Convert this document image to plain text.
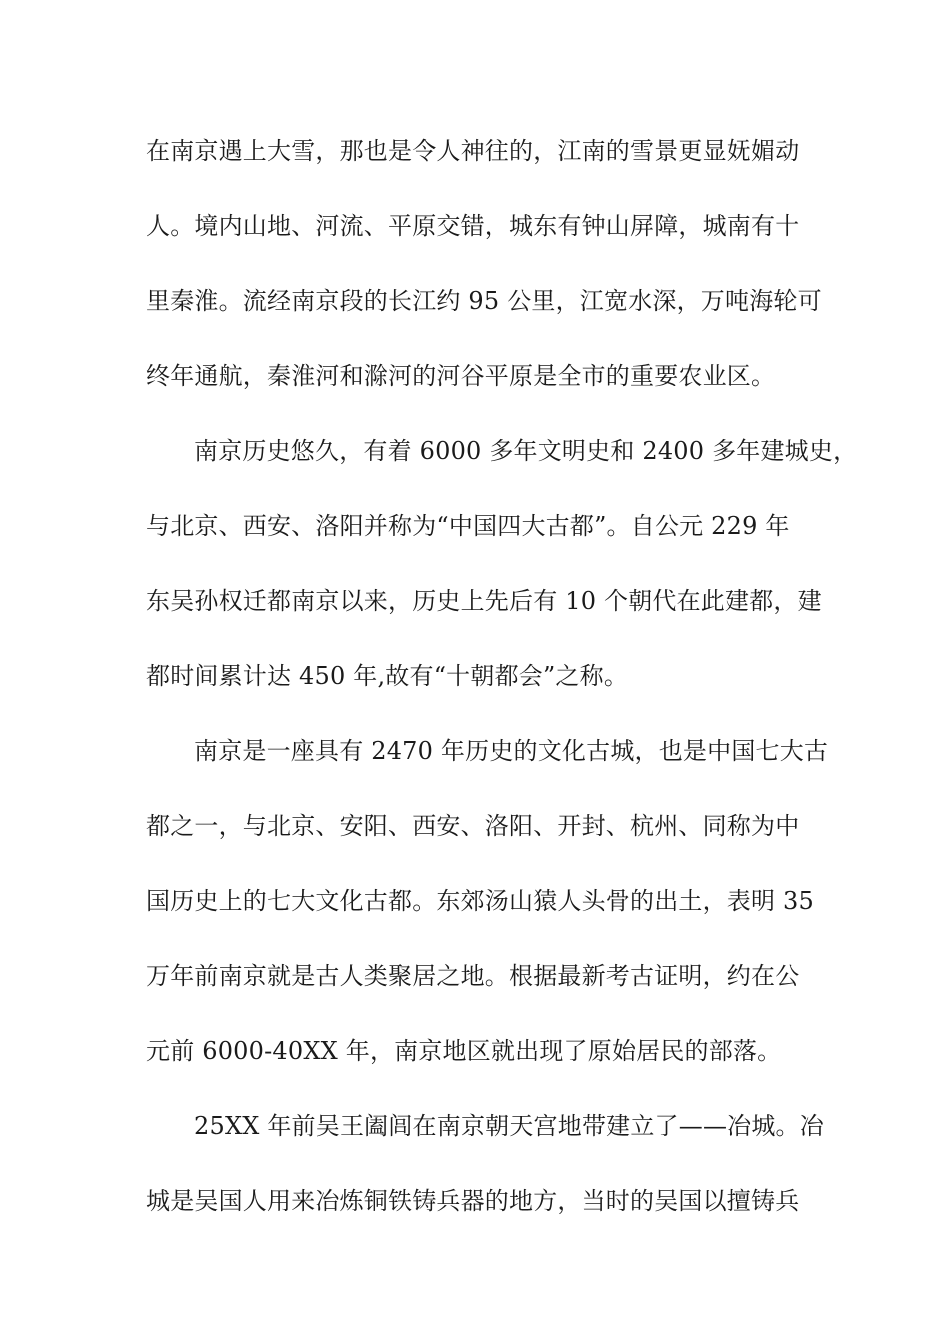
在南京遇上大雪，那也是令人神往的，江南的雪景更显妩媚动
人。境内山地、河流、平原交错，城东有钟山屏障，城南有十
里秦淮。流经南京段的长江约 95 公里，江宽水深，万吨海轮可
终年通航，秦淮河和滁河的河谷平原是全市的重要农业区。
南京历史悠久，有着 6000 多年文明史和 2400 多年建城史，
与北京、西安、洛阳并称为“中国四大古都”。自公元 229 年
东吴孙权迁都南京以来，历史上先后有 10 个朝代在此建都，建
都时间累计达 450 年,故有“十朝都会”之称。
南京是一座具有 2470 年历史的文化古城，也是中国七大古
都之一，与北京、安阳、西安、洛阳、开封、杭州、同称为中
国历史上的七大文化古都。东郊汤山猿人头骨的出土，表明 35
万年前南京就是古人类聚居之地。根据最新考古证明，约在公
元前 6000-40XX 年，南京地区就出现了原始居民的部落。
25XX 年前吴王阖闾在南京朝天宫地带建立了——冶城。冶
城是吴国人用来冶炼铜铁铸兵器的地方，当时的吴国以擅铸兵
